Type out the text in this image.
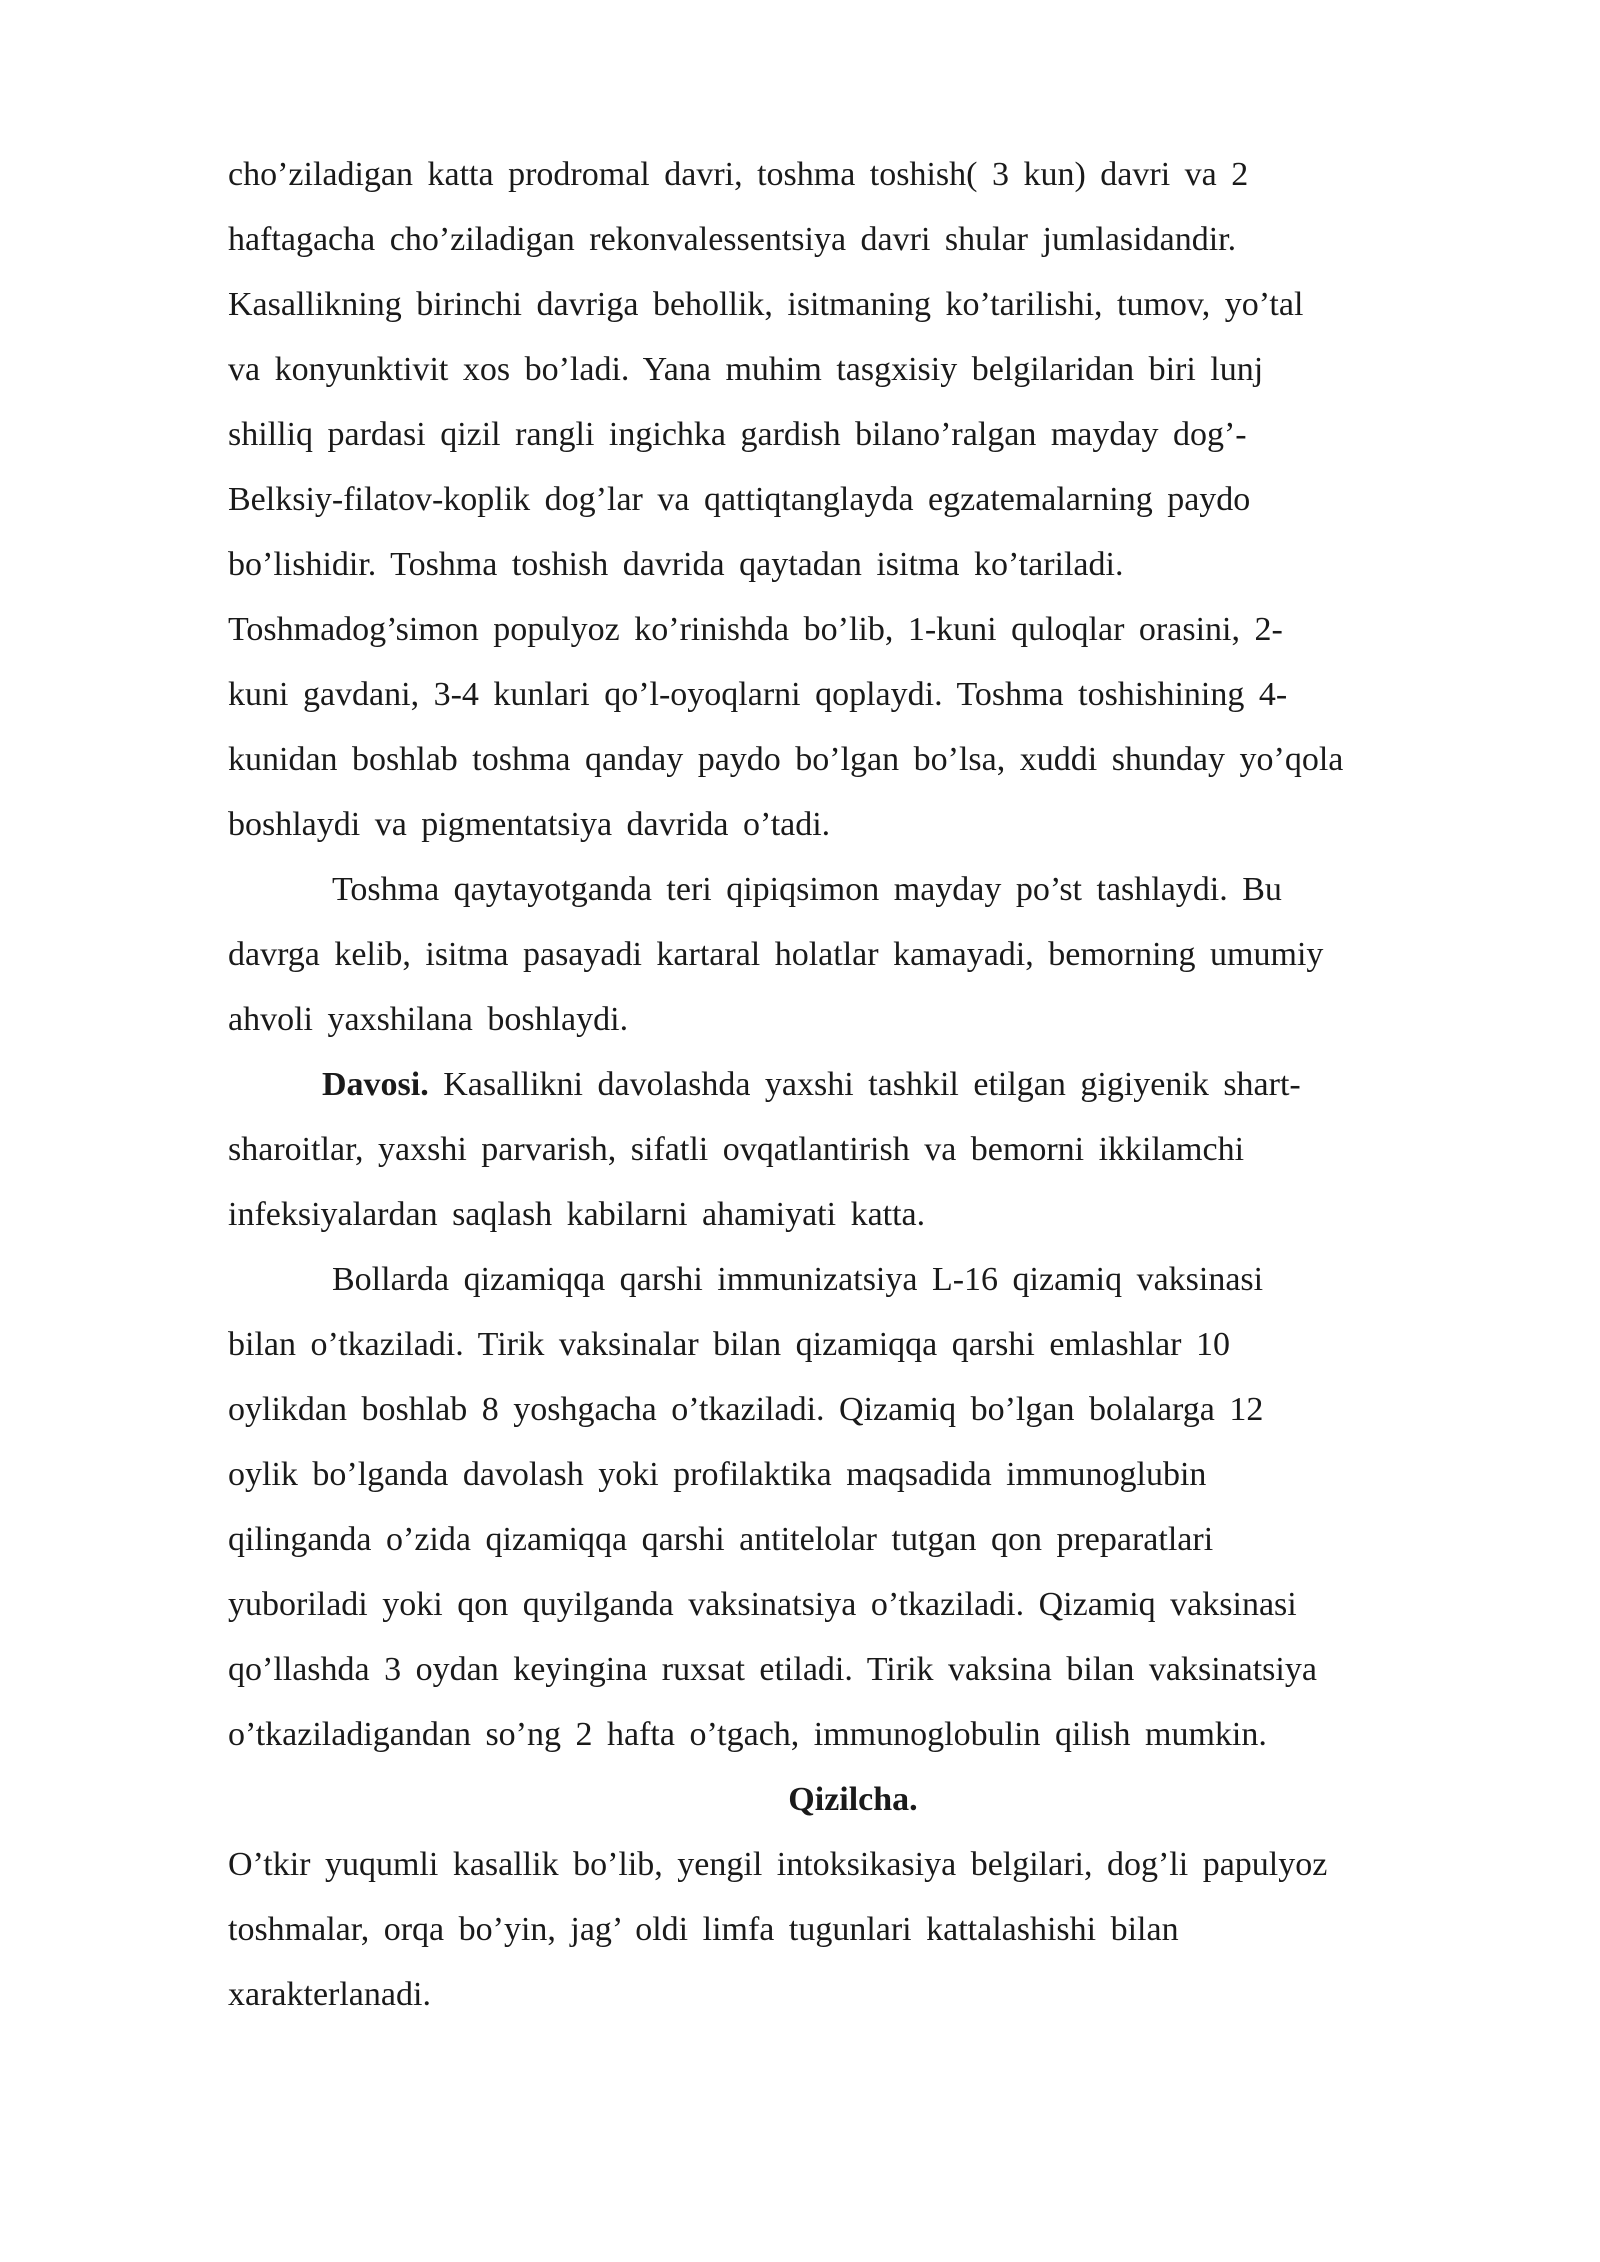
cho’ziladigan katta prodromal davri, toshma toshish( 3 kun) davri va 2
haftagacha cho’ziladigan rekonvalessentsiya davri shular jumlasidandir.
Kasallikning birinchi davriga behollik, isitmaning ko’tarilishi, tumov, yo’tal
va konyunktivit xos bo’ladi. Yana muhim tasgxisiy belgilaridan biri lunj
shilliq pardasi qizil rangli ingichka gardish bilano’ralgan mayday dog’-
Belksiy-filatov-koplik dog’lar va qattiqtanglayda egzatemalarning paydo
bo’lishidir. Toshma toshish davrida qaytadan isitma ko’tariladi.
Toshmadog’simon populyoz ko’rinishda bo’lib, 1-kuni quloqlar orasini, 2-
kuni gavdani, 3-4 kunlari qo’l-oyoqlarni qoplaydi. Toshma toshishining 4-
kunidan boshlab toshma qanday paydo bo’lgan bo’lsa, xuddi shunday yo’qola
boshlaydi va pigmentatsiya davrida o’tadi.
Toshma qaytayotganda teri qipiqsimon mayday po’st tashlaydi. Bu
davrga kelib, isitma pasayadi kartaral holatlar kamayadi, bemorning umumiy
ahvoli yaxshilana boshlaydi.
Davosi. Kasallikni davolashda yaxshi tashkil etilgan gigiyenik shart-
sharoitlar, yaxshi parvarish, sifatli ovqatlantirish va bemorni ikkilamchi
infeksiyalardan saqlash kabilarni ahamiyati katta.
Bollarda qizamiqqa qarshi immunizatsiya L-16 qizamiq vaksinasi
bilan o’tkaziladi. Tirik vaksinalar bilan qizamiqqa qarshi emlashlar 10
oylikdan boshlab 8 yoshgacha o’tkaziladi. Qizamiq bo’lgan bolalarga 12
oylik bo’lganda davolash yoki profilaktika maqsadida immunoglubin
qilinganda o’zida qizamiqqa qarshi antitelolar tutgan qon preparatlari
yuboriladi yoki qon quyilganda vaksinatsiya o’tkaziladi. Qizamiq vaksinasi
qo’llashda 3 oydan keyingina ruxsat etiladi. Tirik vaksina bilan vaksinatsiya
o’tkaziladigandan so’ng 2 hafta o’tgach, immunoglobulin qilish mumkin.
Qizilcha.
O’tkir yuqumli kasallik bo’lib, yengil intoksikasiya belgilari, dog’li papulyoz
toshmalar, orqa bo’yin, jag’ oldi limfa tugunlari kattalashishi bilan
xarakterlanadi.
